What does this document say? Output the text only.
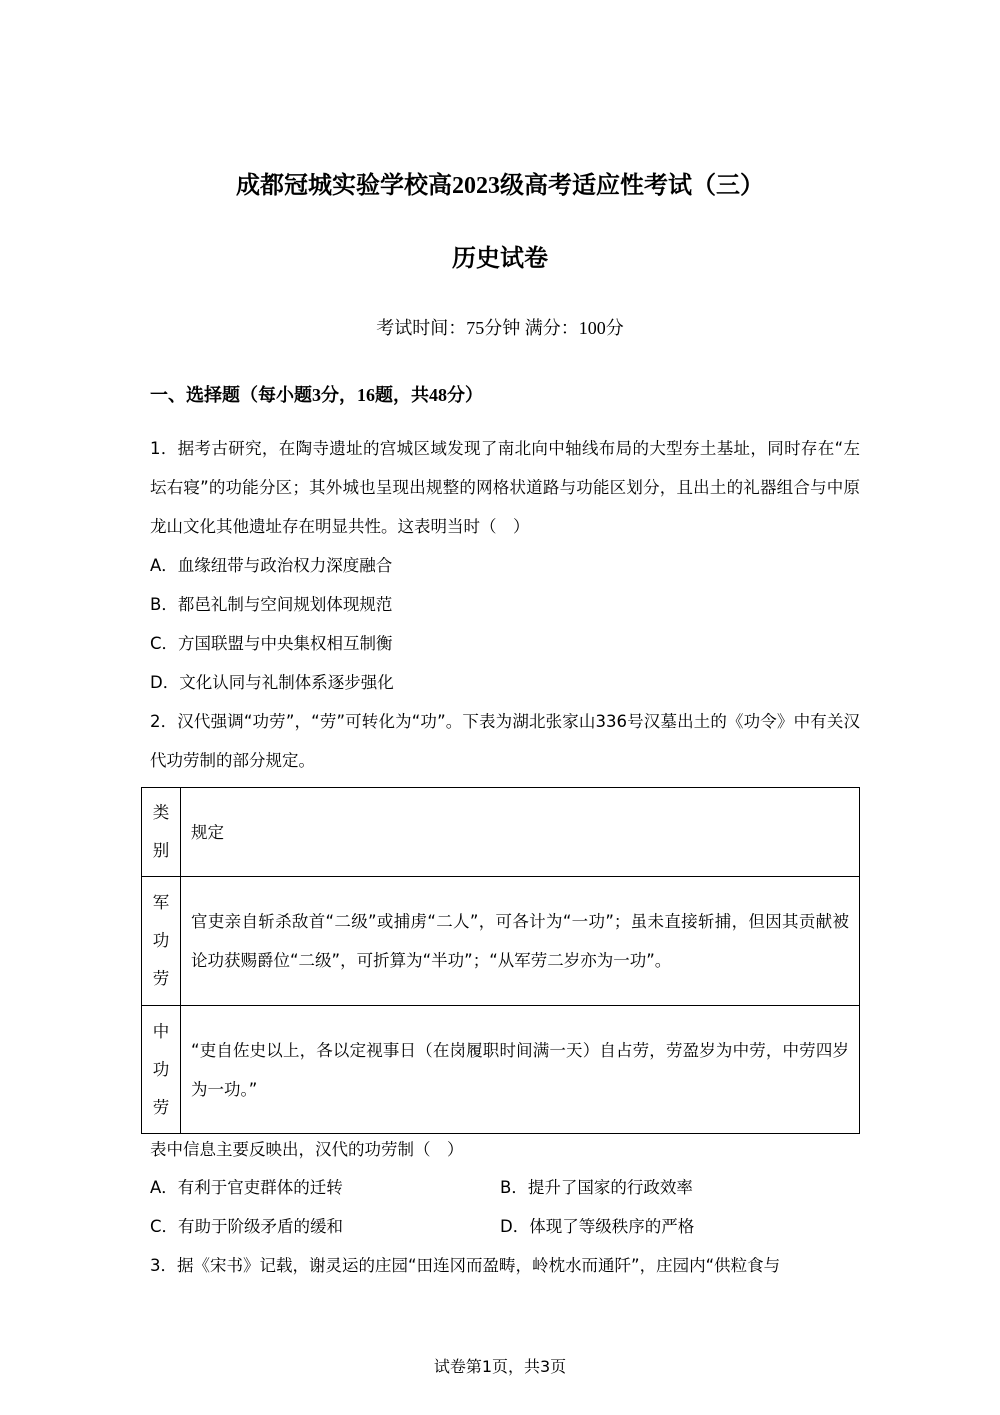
成都冠城实验学校高2023级高考适应性考试（三）
历史试卷
考试时间：75分钟 满分：100分
一、选择题（每小题3分，16题，共48分）
1．据考古研究，在陶寺遗址的宫城区域发现了南北向中轴线布局的大型夯土基址，同时存在“左坛右寝”的功能分区；其外城也呈现出规整的网格状道路与功能区划分，且出土的礼器组合与中原龙山文化其他遗址存在明显共性。这表明当时（　）
A．血缘纽带与政治权力深度融合
B．都邑礼制与空间规划体现规范
C．方国联盟与中央集权相互制衡
D．文化认同与礼制体系逐步强化
2．汉代强调“功劳”，“劳”可转化为“功”。下表为湖北张家山336号汉墓出土的《功令》中有关汉代功劳制的部分规定。
类别	规定
军功劳	官吏亲自斩杀敌首“二级”或捕虏“二人”，可各计为“一功”；虽未直接斩捕，但因其贡献被论功获赐爵位“二级”，可折算为“半功”；“从军劳二岁亦为一功”。
中功劳	“吏自佐史以上，各以定视事日（在岗履职时间满一天）自占劳，劳盈岁为中劳，中劳四岁为一功。”
表中信息主要反映出，汉代的功劳制（　）
A．有利于官吏群体的迁转	B．提升了国家的行政效率
C．有助于阶级矛盾的缓和	D．体现了等级秩序的严格
3．据《宋书》记载，谢灵运的庄园“田连冈而盈畴，岭枕水而通阡”，庄园内“供粒食与
试卷第1页，共3页
